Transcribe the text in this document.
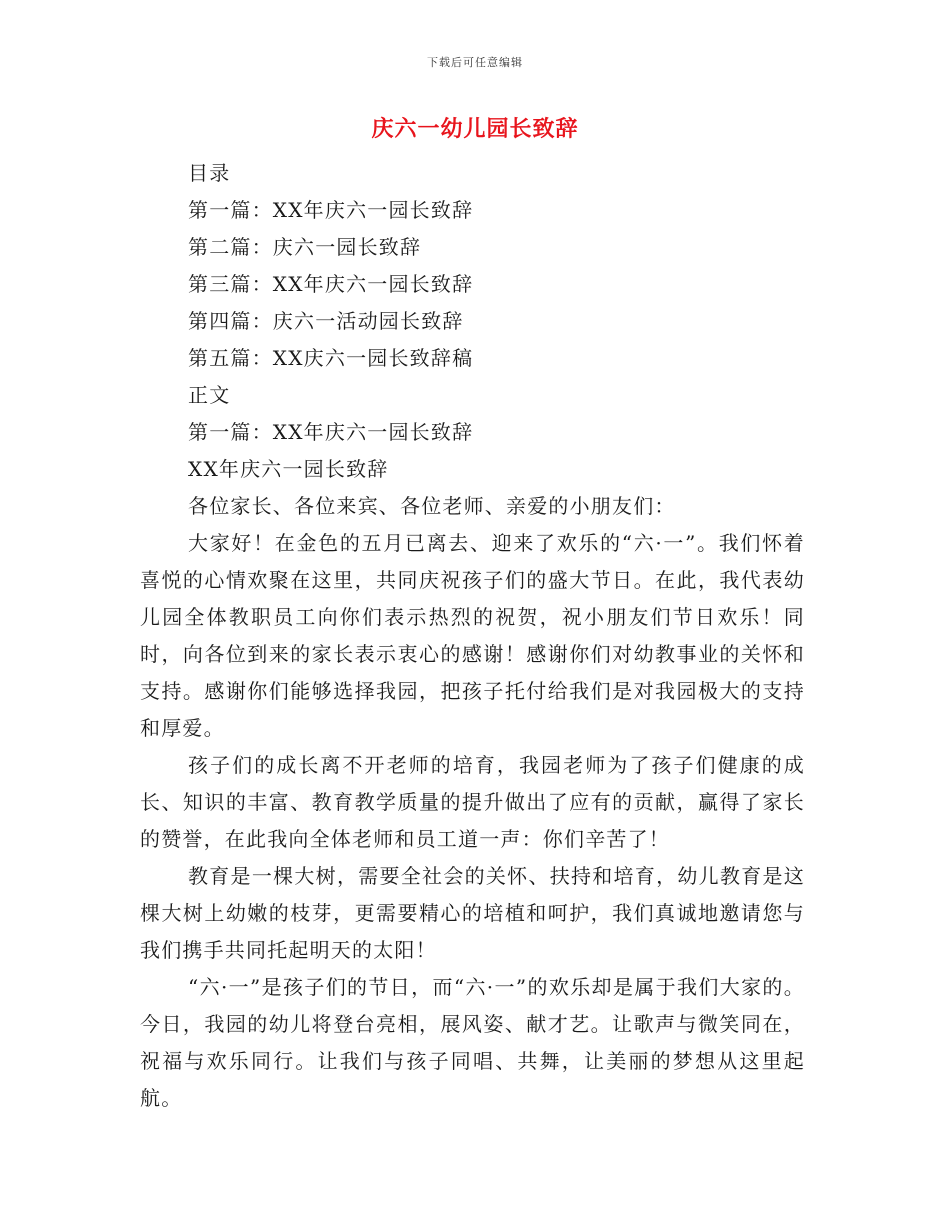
下载后可任意编辑
庆六一幼儿园长致辞
目录
第一篇：XX年庆六一园长致辞
第二篇：庆六一园长致辞
第三篇：XX年庆六一园长致辞
第四篇：庆六一活动园长致辞
第五篇：XX庆六一园长致辞稿
正文
第一篇：XX年庆六一园长致辞
XX年庆六一园长致辞
各位家长、各位来宾、各位老师、亲爱的小朋友们：

大家好！在金色的五月已离去、迎来了欢乐的“六·一”。我们怀着喜悦的心情欢聚在这里，共同庆祝孩子们的盛大节日。在此，我代表幼儿园全体教职员工向你们表示热烈的祝贺，祝小朋友们节日欢乐！同时，向各位到来的家长表示衷心的感谢！感谢你们对幼教事业的关怀和支持。感谢你们能够选择我园，把孩子托付给我们是对我园极大的支持和厚爱。

孩子们的成长离不开老师的培育，我园老师为了孩子们健康的成长、知识的丰富、教育教学质量的提升做出了应有的贡献，赢得了家长的赞誉，在此我向全体老师和员工道一声：你们辛苦了！

教育是一棵大树，需要全社会的关怀、扶持和培育，幼儿教育是这棵大树上幼嫩的枝芽，更需要精心的培植和呵护，我们真诚地邀请您与我们携手共同托起明天的太阳！

“六·一”是孩子们的节日，而“六·一”的欢乐却是属于我们大家的。今日，我园的幼儿将登台亮相，展风姿、献才艺。让歌声与微笑同在，祝福与欢乐同行。让我们与孩子同唱、共舞，让美丽的梦想从这里起航。
